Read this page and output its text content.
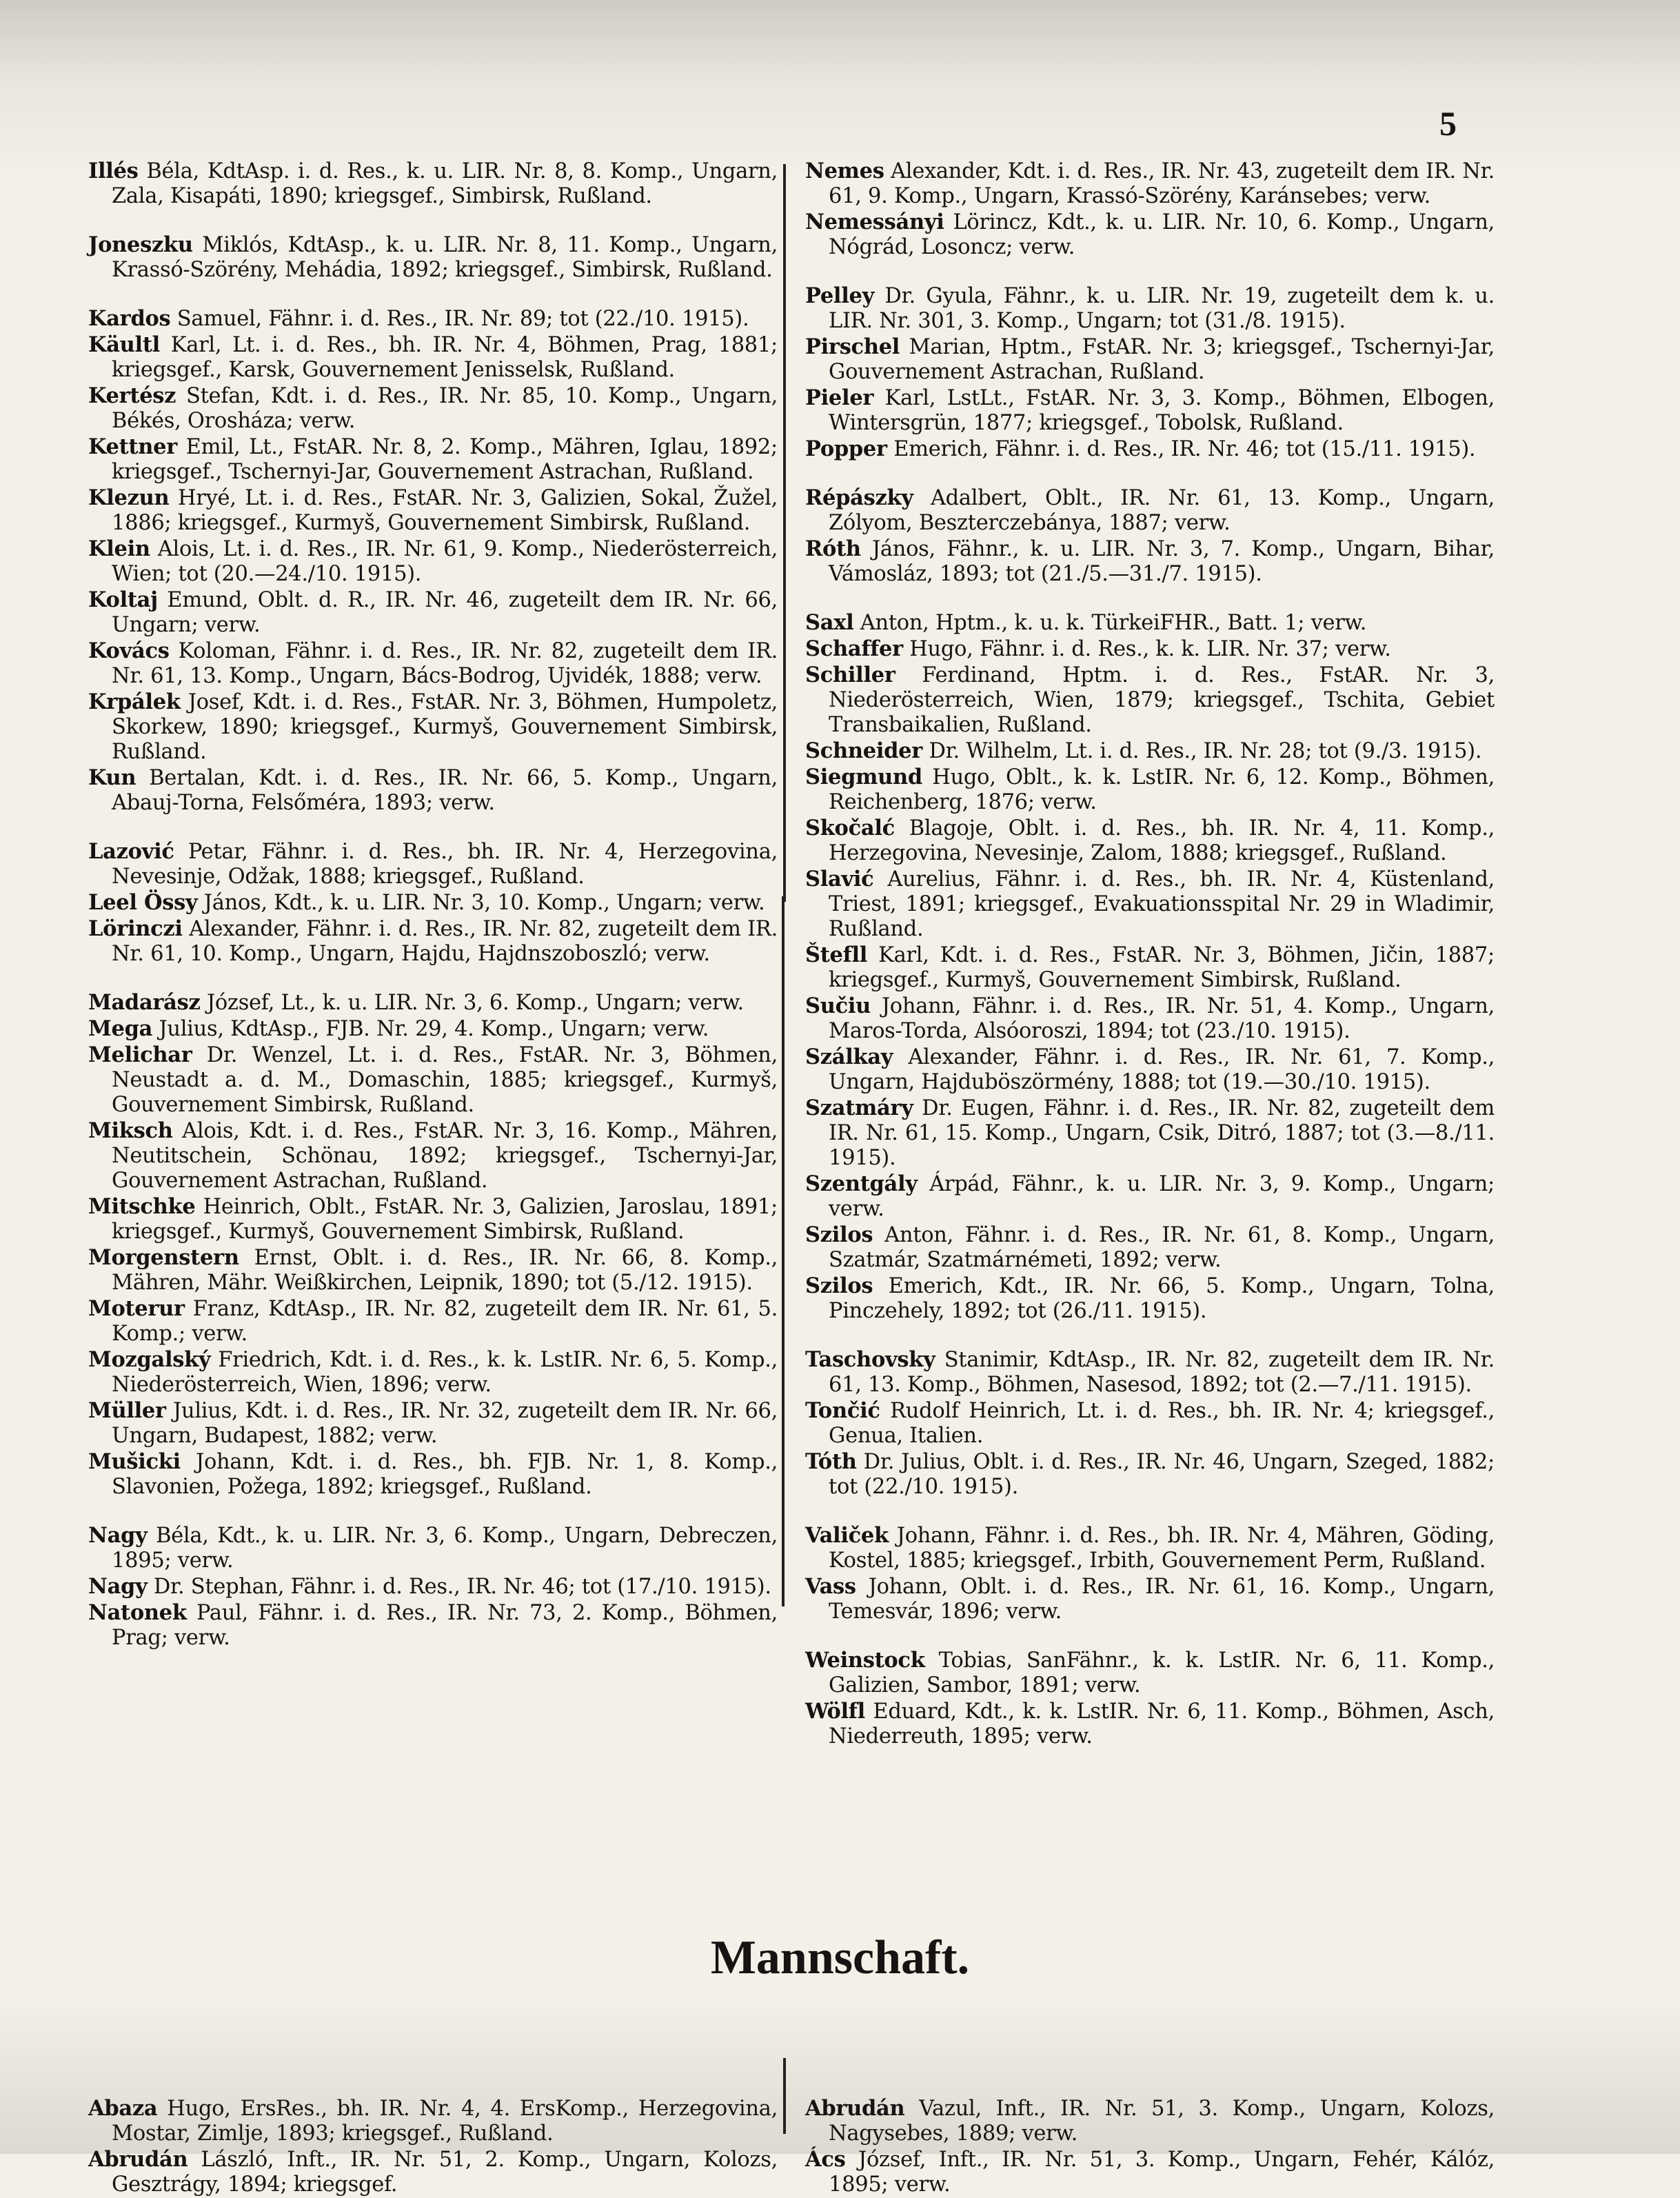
5
Illés Béla, KdtAsp. i. d. Res., k. u. LIR. Nr. 8, 8. Komp., Ungarn, Zala, Kisapáti, 1890; kriegsgef., Simbirsk, Rußland.
Joneszku Miklós, KdtAsp., k. u. LIR. Nr. 8, 11. Komp., Ungarn, Krassó-Szörény, Mehádia, 1892; kriegsgef., Simbirsk, Rußland.
Kardos Samuel, Fähnr. i. d. Res., IR. Nr. 89; tot (22./10. 1915).
Käultl Karl, Lt. i. d. Res., bh. IR. Nr. 4, Böhmen, Prag, 1881; kriegsgef., Karsk, Gouvernement Jenisselsk, Rußland.
Kertész Stefan, Kdt. i. d. Res., IR. Nr. 85, 10. Komp., Ungarn, Békés, Orosháza; verw.
Kettner Emil, Lt., FstAR. Nr. 8, 2. Komp., Mähren, Iglau, 1892; kriegsgef., Tschernyi-Jar, Gouvernement Astrachan, Rußland.
Klezun Hryé, Lt. i. d. Res., FstAR. Nr. 3, Galizien, Sokal, Žužel, 1886; kriegsgef., Kurmyš, Gouvernement Simbirsk, Rußland.
Klein Alois, Lt. i. d. Res., IR. Nr. 61, 9. Komp., Niederösterreich, Wien; tot (20.—24./10. 1915).
Koltaj Emund, Oblt. d. R., IR. Nr. 46, zugeteilt dem IR. Nr. 66, Ungarn; verw.
Kovács Koloman, Fähnr. i. d. Res., IR. Nr. 82, zugeteilt dem IR. Nr. 61, 13. Komp., Ungarn, Bács-Bodrog, Ujvidék, 1888; verw.
Krpálek Josef, Kdt. i. d. Res., FstAR. Nr. 3, Böhmen, Humpoletz, Skorkew, 1890; kriegsgef., Kurmyš, Gouvernement Simbirsk, Rußland.
Kun Bertalan, Kdt. i. d. Res., IR. Nr. 66, 5. Komp., Ungarn, Abauj-Torna, Felsőméra, 1893; verw.
Lazović Petar, Fähnr. i. d. Res., bh. IR. Nr. 4, Herzegovina, Nevesinje, Odžak, 1888; kriegsgef., Rußland.
Leel Össy János, Kdt., k. u. LIR. Nr. 3, 10. Komp., Ungarn; verw.
Lörinczi Alexander, Fähnr. i. d. Res., IR. Nr. 82, zugeteilt dem IR. Nr. 61, 10. Komp., Ungarn, Hajdu, Hajdnszoboszló; verw.
Madarász József, Lt., k. u. LIR. Nr. 3, 6. Komp., Ungarn; verw.
Mega Julius, KdtAsp., FJB. Nr. 29, 4. Komp., Ungarn; verw.
Melichar Dr. Wenzel, Lt. i. d. Res., FstAR. Nr. 3, Böhmen, Neustadt a. d. M., Domaschin, 1885; kriegsgef., Kurmyš, Gouvernement Simbirsk, Rußland.
Miksch Alois, Kdt. i. d. Res., FstAR. Nr. 3, 16. Komp., Mähren, Neutitschein, Schönau, 1892; kriegsgef., Tschernyi-Jar, Gouvernement Astrachan, Rußland.
Mitschke Heinrich, Oblt., FstAR. Nr. 3, Galizien, Jaroslau, 1891; kriegsgef., Kurmyš, Gouvernement Simbirsk, Rußland.
Morgenstern Ernst, Oblt. i. d. Res., IR. Nr. 66, 8. Komp., Mähren, Mähr. Weißkirchen, Leipnik, 1890; tot (5./12. 1915).
Moterur Franz, KdtAsp., IR. Nr. 82, zugeteilt dem IR. Nr. 61, 5. Komp.; verw.
Mozgalský Friedrich, Kdt. i. d. Res., k. k. LstIR. Nr. 6, 5. Komp., Niederösterreich, Wien, 1896; verw.
Müller Julius, Kdt. i. d. Res., IR. Nr. 32, zugeteilt dem IR. Nr. 66, Ungarn, Budapest, 1882; verw.
Mušicki Johann, Kdt. i. d. Res., bh. FJB. Nr. 1, 8. Komp., Slavonien, Požega, 1892; kriegsgef., Rußland.
Nagy Béla, Kdt., k. u. LIR. Nr. 3, 6. Komp., Ungarn, Debreczen, 1895; verw.
Nagy Dr. Stephan, Fähnr. i. d. Res., IR. Nr. 46; tot (17./10. 1915).
Natonek Paul, Fähnr. i. d. Res., IR. Nr. 73, 2. Komp., Böhmen, Prag; verw.
Nemes Alexander, Kdt. i. d. Res., IR. Nr. 43, zugeteilt dem IR. Nr. 61, 9. Komp., Ungarn, Krassó-Szörény, Karánsebes; verw.
Nemessányi Lörincz, Kdt., k. u. LIR. Nr. 10, 6. Komp., Ungarn, Nógrád, Losoncz; verw.
Pelley Dr. Gyula, Fähnr., k. u. LIR. Nr. 19, zugeteilt dem k. u. LIR. Nr. 301, 3. Komp., Ungarn; tot (31./8. 1915).
Pirschel Marian, Hptm., FstAR. Nr. 3; kriegsgef., Tschernyi-Jar, Gouvernement Astrachan, Rußland.
Pieler Karl, LstLt., FstAR. Nr. 3, 3. Komp., Böhmen, Elbogen, Wintersgrün, 1877; kriegsgef., Tobolsk, Rußland.
Popper Emerich, Fähnr. i. d. Res., IR. Nr. 46; tot (15./11. 1915).
Répászky Adalbert, Oblt., IR. Nr. 61, 13. Komp., Ungarn, Zólyom, Beszterczebánya, 1887; verw.
Róth János, Fähnr., k. u. LIR. Nr. 3, 7. Komp., Ungarn, Bihar, Vámosláz, 1893; tot (21./5.—31./7. 1915).
Saxl Anton, Hptm., k. u. k. TürkeiFHR., Batt. 1; verw.
Schaffer Hugo, Fähnr. i. d. Res., k. k. LIR. Nr. 37; verw.
Schiller Ferdinand, Hptm. i. d. Res., FstAR. Nr. 3, Niederösterreich, Wien, 1879; kriegsgef., Tschita, Gebiet Transbaikalien, Rußland.
Schneider Dr. Wilhelm, Lt. i. d. Res., IR. Nr. 28; tot (9./3. 1915).
Siegmund Hugo, Oblt., k. k. LstIR. Nr. 6, 12. Komp., Böhmen, Reichenberg, 1876; verw.
Skočalć Blagoje, Oblt. i. d. Res., bh. IR. Nr. 4, 11. Komp., Herzegovina, Nevesinje, Zalom, 1888; kriegsgef., Rußland.
Slavić Aurelius, Fähnr. i. d. Res., bh. IR. Nr. 4, Küstenland, Triest, 1891; kriegsgef., Evakuationsspital Nr. 29 in Wladimir, Rußland.
Štefll Karl, Kdt. i. d. Res., FstAR. Nr. 3, Böhmen, Jičin, 1887; kriegsgef., Kurmyš, Gouvernement Simbirsk, Rußland.
Sučiu Johann, Fähnr. i. d. Res., IR. Nr. 51, 4. Komp., Ungarn, Maros-Torda, Alsóoroszi, 1894; tot (23./10. 1915).
Szálkay Alexander, Fähnr. i. d. Res., IR. Nr. 61, 7. Komp., Ungarn, Hajduböszörmény, 1888; tot (19.—30./10. 1915).
Szatmáry Dr. Eugen, Fähnr. i. d. Res., IR. Nr. 82, zugeteilt dem IR. Nr. 61, 15. Komp., Ungarn, Csik, Ditró, 1887; tot (3.—8./11. 1915).
Szentgály Árpád, Fähnr., k. u. LIR. Nr. 3, 9. Komp., Ungarn; verw.
Szilos Anton, Fähnr. i. d. Res., IR. Nr. 61, 8. Komp., Ungarn, Szatmár, Szatmárnémeti, 1892; verw.
Szilos Emerich, Kdt., IR. Nr. 66, 5. Komp., Ungarn, Tolna, Pinczehely, 1892; tot (26./11. 1915).
Taschovsky Stanimir, KdtAsp., IR. Nr. 82, zugeteilt dem IR. Nr. 61, 13. Komp., Böhmen, Nasesod, 1892; tot (2.—7./11. 1915).
Tončić Rudolf Heinrich, Lt. i. d. Res., bh. IR. Nr. 4; kriegsgef., Genua, Italien.
Tóth Dr. Julius, Oblt. i. d. Res., IR. Nr. 46, Ungarn, Szeged, 1882; tot (22./10. 1915).
Valiček Johann, Fähnr. i. d. Res., bh. IR. Nr. 4, Mähren, Göding, Kostel, 1885; kriegsgef., Irbith, Gouvernement Perm, Rußland.
Vass Johann, Oblt. i. d. Res., IR. Nr. 61, 16. Komp., Ungarn, Temesvár, 1896; verw.
Weinstock Tobias, SanFähnr., k. k. LstIR. Nr. 6, 11. Komp., Galizien, Sambor, 1891; verw.
Wölfl Eduard, Kdt., k. k. LstIR. Nr. 6, 11. Komp., Böhmen, Asch, Niederreuth, 1895; verw.
Mannschaft.
Abaza Hugo, ErsRes., bh. IR. Nr. 4, 4. ErsKomp., Herzegovina, Mostar, Zimlje, 1893; kriegsgef., Rußland.
Abrudán László, Inft., IR. Nr. 51, 2. Komp., Ungarn, Kolozs, Gesztrágy, 1894; kriegsgef.
Abrudán Vazul, Inft., IR. Nr. 51, 3. Komp., Ungarn, Kolozs, Nagysebes, 1889; verw.
Ács József, Inft., IR. Nr. 51, 3. Komp., Ungarn, Fehér, Kálóz, 1895; verw.
